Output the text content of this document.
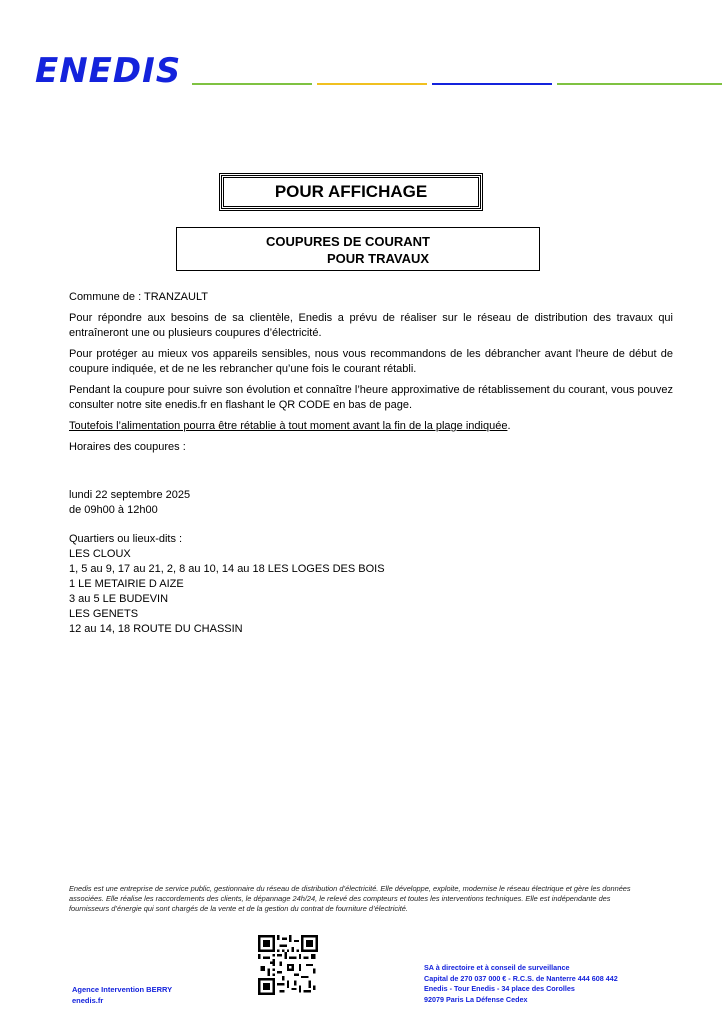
ENEDIS
POUR AFFICHAGE
COUPURES DE COURANT
POUR TRAVAUX

Commune de : TRANZAULT

Pour répondre aux besoins de sa clientèle, Enedis a prévu de réaliser sur le réseau de distribution des travaux qui entraîneront une ou plusieurs coupures d’électricité.

Pour protéger au mieux vos appareils sensibles, nous vous recommandons de les débrancher avant l'heure de début de coupure indiquée, et de ne les rebrancher qu’une fois le courant rétabli.

Pendant la coupure pour suivre son évolution et connaître l’heure approximative de rétablissement du courant, vous pouvez consulter notre site enedis.fr en flashant le QR CODE en bas de page.

Toutefois l’alimentation pourra être rétablie à tout moment avant la fin de la plage indiquée.

Horaires des coupures :

lundi 22 septembre 2025
de 09h00 à 12h00
Quartiers ou lieux-dits :
LES CLOUX
1, 5 au 9, 17 au 21, 2, 8 au 10, 14 au 18 LES LOGES DES BOIS
1 LE METAIRIE D AIZE
3 au 5 LE BUDEVIN
LES GENETS
12 au 14, 18 ROUTE DU CHASSIN
Enedis est une entreprise de service public, gestionnaire du réseau de distribution d’électricité. Elle développe, exploite, modernise le réseau électrique et gère les données
associées. Elle réalise les raccordements des clients, le dépannage 24h/24, le relevé des compteurs et toutes les interventions techniques. Elle est indépendante des
fournisseurs d’énergie qui sont chargés de la vente et de la gestion du contrat de fourniture d’électricité.
Agence Intervention BERRY
enedis.fr
SA à directoire et à conseil de surveillance
Capital de 270 037 000 € - R.C.S. de Nanterre 444 608 442
Enedis - Tour Enedis - 34 place des Corolles
92079 Paris La Défense Cedex
